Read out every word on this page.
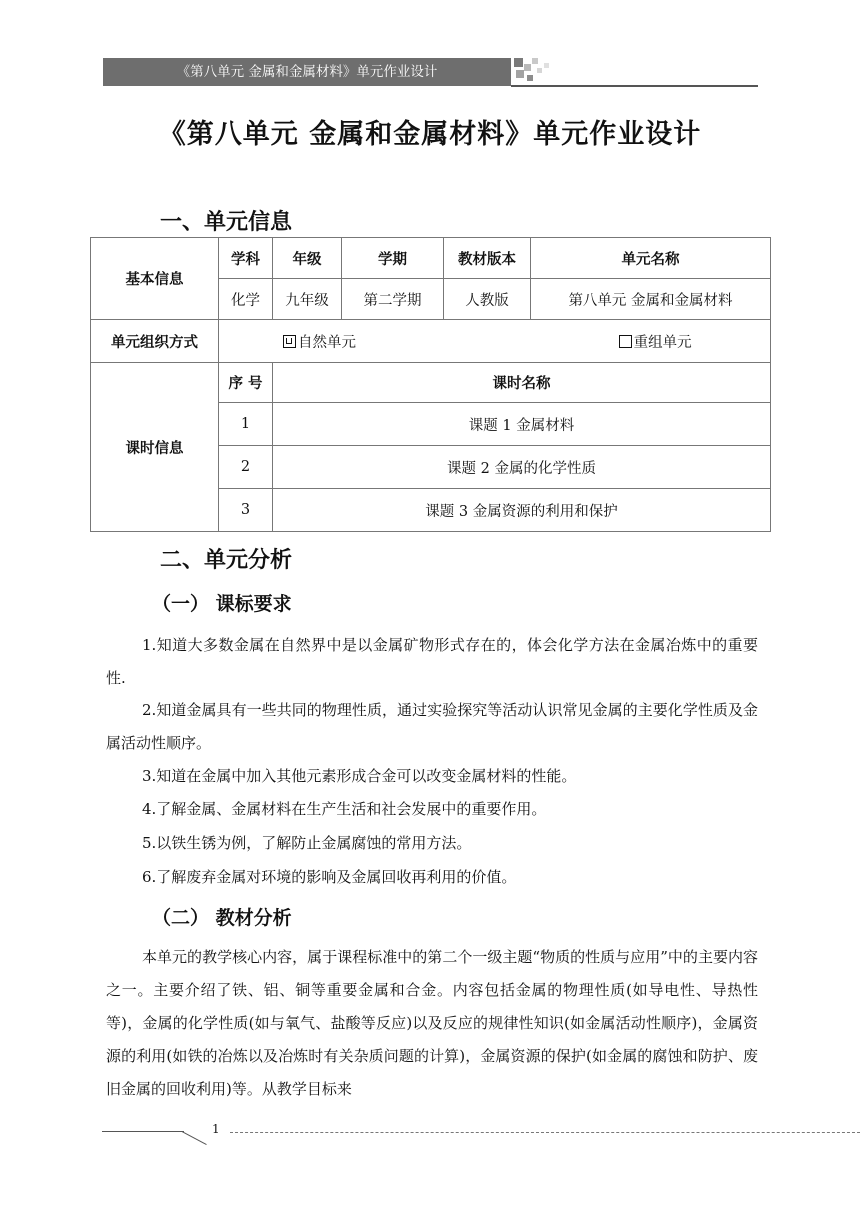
《第八单元 金属和金属材料》单元作业设计
《第八单元 金属和金属材料》单元作业设计
一、单元信息
基本信息	学科	年级	学期	教材版本	单元名称
	化学	九年级	第二学期	人教版	第八单元 金属和金属材料
单元组织方式	自然单元 重组单元				
课时信息	序 号	课时名称			
	1	课题 1 金属材料			
	2	课题 2 金属的化学性质			
	3	课题 3 金属资源的利用和保护			
二、单元分析
（一） 课标要求

1.知道大多数金属在自然界中是以金属矿物形式存在的，体会化学方法在金属冶炼中的重要性.

2.知道金属具有一些共同的物理性质，通过实验探究等活动认识常见金属的主要化学性质及金属活动性顺序。

3.知道在金属中加入其他元素形成合金可以改变金属材料的性能。

4.了解金属、金属材料在生产生活和社会发展中的重要作用。

5.以铁生锈为例，了解防止金属腐蚀的常用方法。

6.了解废弃金属对环境的影响及金属回收再利用的价值。

（二） 教材分析

本单元的教学核心内容，属于课程标准中的第二个一级主题“物质的性质与应用”中的主要内容之一。主要介绍了铁、铝、铜等重要金属和合金。内容包括金属的物理性质(如导电性、导热性等)，金属的化学性质(如与氧气、盐酸等反应)以及反应的规律性知识(如金属活动性顺序)，金属资源的利用(如铁的冶炼以及冶炼时有关杂质问题的计算)，金属资源的保护(如金属的腐蚀和防护、废旧金属的回收利用)等。从教学目标来

1
